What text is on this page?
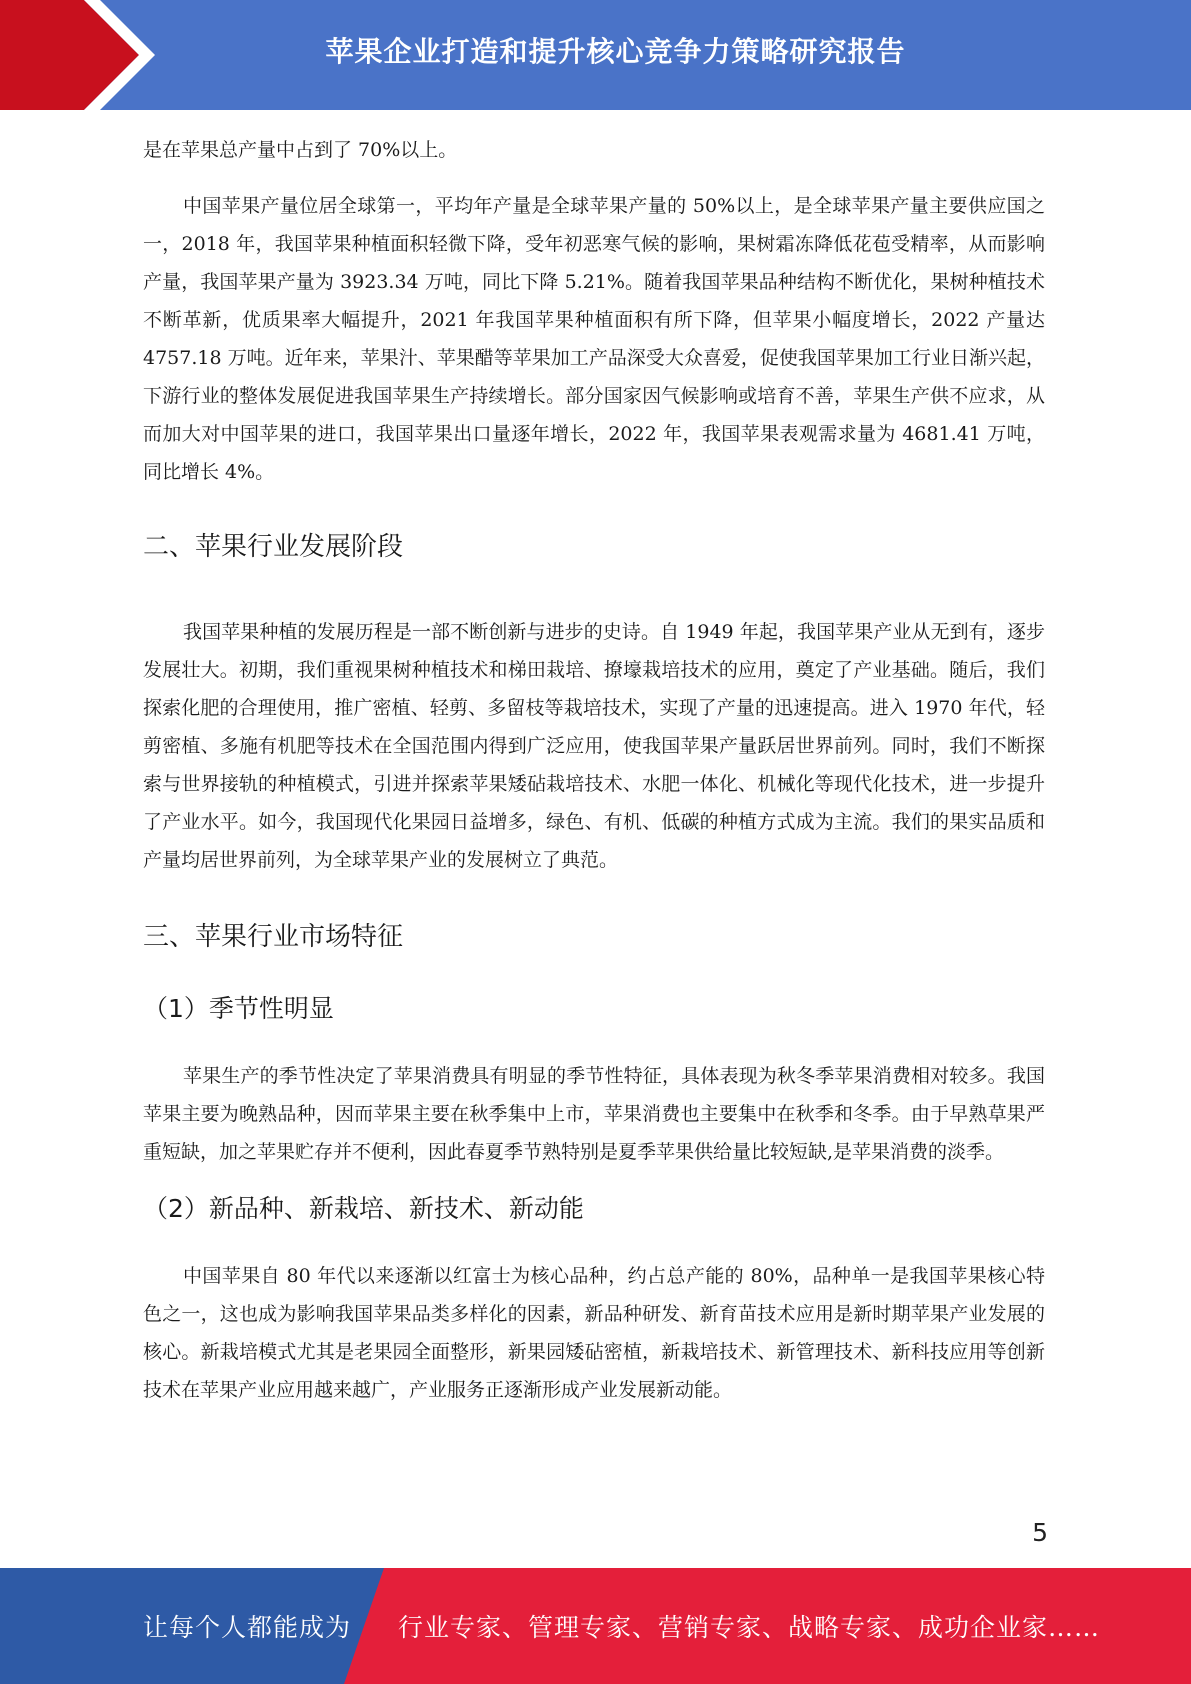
苹果企业打造和提升核心竞争力策略研究报告

是在苹果总产量中占到了 70%以上。

中国苹果产量位居全球第一，平均年产量是全球苹果产量的 50%以上，是全球苹果产量主要供应国之一，2018 年，我国苹果种植面积轻微下降，受年初恶寒气候的影响，果树霜冻降低花苞受精率，从而影响产量，我国苹果产量为 3923.34 万吨，同比下降 5.21%。随着我国苹果品种结构不断优化，果树种植技术不断革新，优质果率大幅提升，2021 年我国苹果种植面积有所下降，但苹果小幅度增长，2022 产量达 4757.18 万吨。近年来，苹果汁、苹果醋等苹果加工产品深受大众喜爱，促使我国苹果加工行业日渐兴起，下游行业的整体发展促进我国苹果生产持续增长。部分国家因气候影响或培育不善，苹果生产供不应求，从而加大对中国苹果的进口，我国苹果出口量逐年增长，2022 年，我国苹果表观需求量为 4681.41 万吨，同比增长 4%。

二、苹果行业发展阶段

我国苹果种植的发展历程是一部不断创新与进步的史诗。自 1949 年起，我国苹果产业从无到有，逐步发展壮大。初期，我们重视果树种植技术和梯田栽培、撩壕栽培技术的应用，奠定了产业基础。随后，我们探索化肥的合理使用，推广密植、轻剪、多留枝等栽培技术，实现了产量的迅速提高。进入 1970 年代，轻剪密植、多施有机肥等技术在全国范围内得到广泛应用，使我国苹果产量跃居世界前列。同时，我们不断探索与世界接轨的种植模式，引进并探索苹果矮砧栽培技术、水肥一体化、机械化等现代化技术，进一步提升了产业水平。如今，我国现代化果园日益增多，绿色、有机、低碳的种植方式成为主流。我们的果实品质和产量均居世界前列，为全球苹果产业的发展树立了典范。

三、苹果行业市场特征
（1）季节性明显

苹果生产的季节性决定了苹果消费具有明显的季节性特征，具体表现为秋冬季苹果消费相对较多。我国苹果主要为晚熟品种，因而苹果主要在秋季集中上市，苹果消费也主要集中在秋季和冬季。由于早熟草果严重短缺，加之苹果贮存并不便利，因此春夏季节熟特别是夏季苹果供给量比较短缺,是苹果消费的淡季。

（2）新品种、新栽培、新技术、新动能

中国苹果自 80 年代以来逐渐以红富士为核心品种，约占总产能的 80%，品种单一是我国苹果核心特色之一，这也成为影响我国苹果品类多样化的因素，新品种研发、新育苗技术应用是新时期苹果产业发展的核心。新栽培模式尤其是老果园全面整形，新果园矮砧密植，新栽培技术、新管理技术、新科技应用等创新技术在苹果产业应用越来越广，产业服务正逐渐形成产业发展新动能。

5
让每个人都能成为 行业专家、管理专家、营销专家、战略专家、成功企业家……
